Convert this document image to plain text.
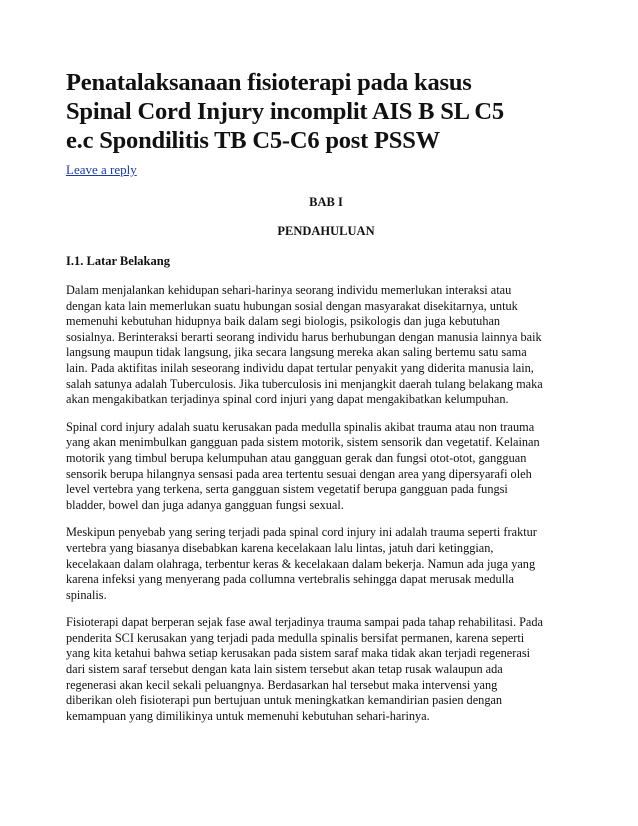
Penatalaksanaan fisioterapi pada kasus
Spinal Cord Injury incomplit AIS B SL C5
e.c Spondilitis TB C5-C6 post PSSW
Leave a reply

BAB I

PENDAHULUAN

I.1. Latar Belakang

Dalam menjalankan kehidupan sehari-harinya seorang individu memerlukan interaksi atau
dengan kata lain memerlukan suatu hubungan sosial dengan masyarakat disekitarnya, untuk
memenuhi kebutuhan hidupnya baik dalam segi biologis, psikologis dan juga kebutuhan
sosialnya. Berinteraksi berarti seorang individu harus berhubungan dengan manusia lainnya baik
langsung maupun tidak langsung, jika secara langsung mereka akan saling bertemu satu sama
lain. Pada aktifitas inilah seseorang individu dapat tertular penyakit yang diderita manusia lain,
salah satunya adalah Tuberculosis. Jika tuberculosis ini menjangkit daerah tulang belakang maka
akan mengakibatkan terjadinya spinal cord injuri yang dapat mengakibatkan kelumpuhan.

Spinal cord injury adalah suatu kerusakan pada medulla spinalis akibat trauma atau non trauma
yang akan menimbulkan gangguan pada sistem motorik, sistem sensorik dan vegetatif. Kelainan
motorik yang timbul berupa kelumpuhan atau gangguan gerak dan fungsi otot-otot, gangguan
sensorik berupa hilangnya sensasi pada area tertentu sesuai dengan area yang dipersyarafi oleh
level vertebra yang terkena, serta gangguan sistem vegetatif berupa gangguan pada fungsi
bladder, bowel dan juga adanya gangguan fungsi sexual.

Meskipun penyebab yang sering terjadi pada spinal cord injury ini adalah trauma seperti fraktur
vertebra yang biasanya disebabkan karena kecelakaan lalu lintas, jatuh dari ketinggian,
kecelakaan dalam olahraga, terbentur keras & kecelakaan dalam bekerja. Namun ada juga yang
karena infeksi yang menyerang pada collumna vertebralis sehingga dapat merusak medulla
spinalis.

Fisioterapi dapat berperan sejak fase awal terjadinya trauma sampai pada tahap rehabilitasi. Pada
penderita SCI kerusakan yang terjadi pada medulla spinalis bersifat permanen, karena seperti
yang kita ketahui bahwa setiap kerusakan pada sistem saraf maka tidak akan terjadi regenerasi
dari sistem saraf tersebut dengan kata lain sistem tersebut akan tetap rusak walaupun ada
regenerasi akan kecil sekali peluangnya. Berdasarkan hal tersebut maka intervensi yang
diberikan oleh fisioterapi pun bertujuan untuk meningkatkan kemandirian pasien dengan
kemampuan yang dimilikinya untuk memenuhi kebutuhan sehari-harinya.
